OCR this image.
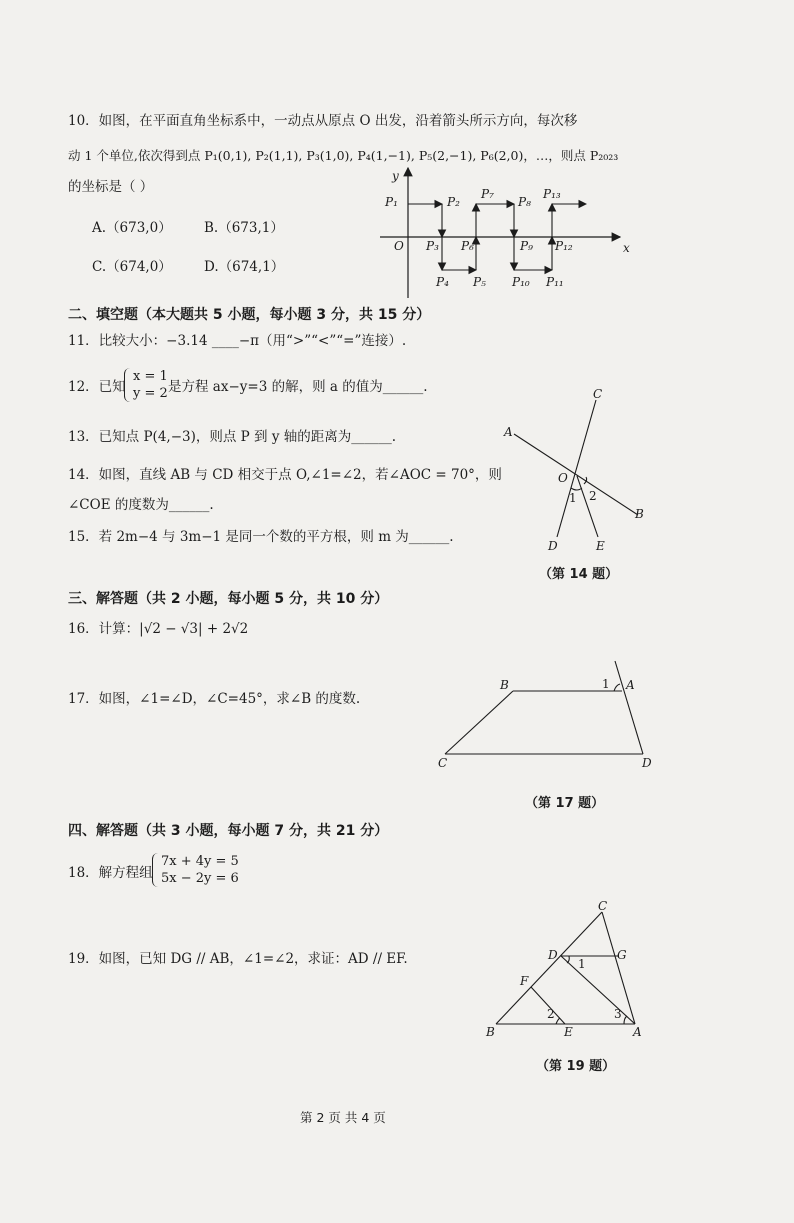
10．如图，在平面直角坐标系中，一动点从原点 O 出发，沿着箭头所示方向，每次移
动 1 个单位,依次得到点 P₁(0,1), P₂(1,1), P₃(1,0), P₄(1,−1), P₅(2,−1), P₆(2,0)，…，则点 P₂₀₂₃
的坐标是（ ）
A.（673,0） B.（673,1）
C.（674,0） D.（674,1）
y
x
O
P₁	P₂
P₇
P₈
P₁₃
P₃ P₆	P₉ P₁₂
P₄ P₅ P₁₀ P₁₁
二、填空题（本大题共 5 小题，每小题 3 分，共 15 分）
11．比较大小：−3.14 ____−π（用“>”“<”“=”连接）.
12．已知
x = 1
y = 2 是方程 ax−y=3 的解，则 a 的值为______.
13．已知点 P(4,−3)，则点 P 到 y 轴的距离为______.
14．如图，直线 AB 与 CD 相交于点 O,∠1=∠2，若∠AOC = 70°，则
∠COE 的度数为______.
15．若 2m−4 与 3m−1 是同一个数的平方根，则 m 为______.
A
C
O
B
D	E
1 2
（第 14 题）
三、解答题（共 2 小题，每小题 5 分，共 10 分）
16．计算：|√2 − √3| + 2√2
17．如图，∠1=∠D，∠C=45°，求∠B 的度数.
B	1 A
C	D
（第 17 题）
四、解答题（共 3 小题，每小题 7 分，共 21 分）
18．解方程组
7x + 4y = 5
5x − 2y = 6
19．如图，已知 DG // AB，∠1=∠2，求证：AD // EF.
C
D	G
1
F
2	3
B	E	A
（第 19 题）
第 2 页 共 4 页
